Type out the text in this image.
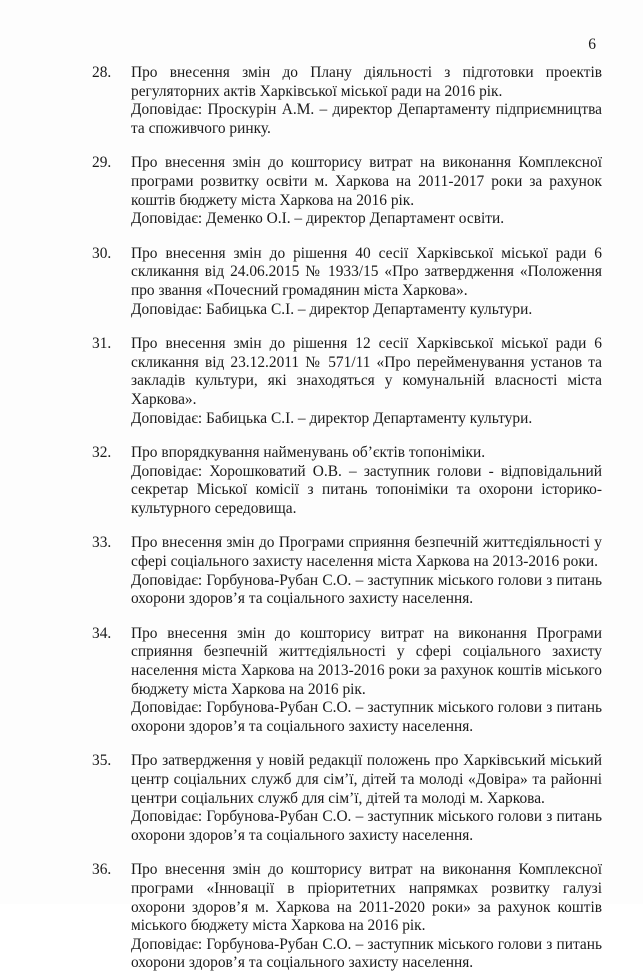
6
28.	Про внесення змін до Плану діяльності з підготовки проектів регуляторних актів Харківської міської ради на 2016 рік.
Доповідає: Проскурін А.М. – директор Департаменту підприємництва та споживчого ринку.
29.	Про внесення змін до кошторису витрат на виконання Комплексної програми розвитку освіти м. Харкова на 2011-2017 роки за рахунок коштів бюджету міста Харкова на 2016 рік.
Доповідає: Деменко О.І. – директор Департамент освіти.
30.	Про внесення змін до рішення 40 сесії Харківської міської ради 6 скликання від 24.06.2015 № 1933/15 «Про затвердження «Положення про звання «Почесний громадянин міста Харкова».
Доповідає: Бабицька С.І. – директор Департаменту культури.
31.	Про внесення змін до рішення 12 сесії Харківської міської ради 6 скликання від 23.12.2011 № 571/11 «Про перейменування установ та закладів культури, які знаходяться у комунальній власності міста Харкова».
Доповідає: Бабицька С.І. – директор Департаменту культури.
32.	Про впорядкування найменувань об’єктів топоніміки.
Доповідає: Хорошковатий О.В. – заступник голови - відповідальний секретар Міської комісії з питань топоніміки та охорони історико-культурного середовища.
33.	Про внесення змін до Програми сприяння безпечній життєдіяльності у сфері соціального захисту населення міста Харкова на 2013-2016 роки.
Доповідає: Горбунова-Рубан С.О. – заступник міського голови з питань охорони здоров’я та соціального захисту населення.
34.	Про внесення змін до кошторису витрат на виконання Програми сприяння безпечній життєдіяльності у сфері соціального захисту населення міста Харкова на 2013-2016 роки за рахунок коштів міського бюджету міста Харкова на 2016 рік.
Доповідає: Горбунова-Рубан С.О. – заступник міського голови з питань охорони здоров’я та соціального захисту населення.
35.	Про затвердження у новій редакції положень про Харківський міський центр соціальних служб для сім’ї, дітей та молоді «Довіра» та районні центри соціальних служб для сім’ї, дітей та молоді м. Харкова.
Доповідає: Горбунова-Рубан С.О. – заступник міського голови з питань охорони здоров’я та соціального захисту населення.
36.	Про внесення змін до кошторису витрат на виконання Комплексної програми «Інновації в пріоритетних напрямках розвитку галузі охорони здоров’я м. Харкова на 2011-2020 роки» за рахунок коштів міського бюджету міста Харкова на 2016 рік.
Доповідає: Горбунова-Рубан С.О. – заступник міського голови з питань охорони здоров’я та соціального захисту населення.
